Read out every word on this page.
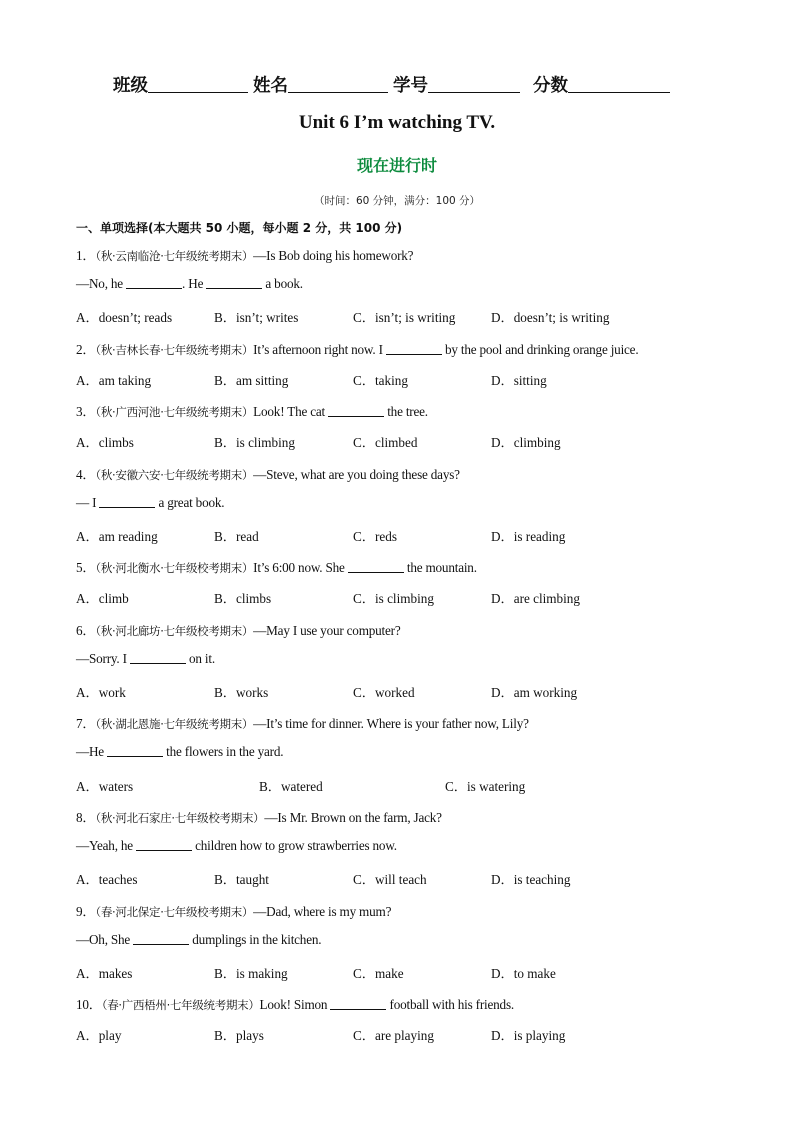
班级	姓名	学号	分数
Unit 6 I’m watching TV.
现在进行时
（时间：60 分钟，满分：100 分）
一、单项选择(本大题共 50 小题，每小题 2 分，共 100 分)
1．（秋·云南临沧·七年级统考期末）—Is Bob doing his homework?
—No, he	. He	a book.
A．doesn’t; reads	B．isn’t; writes	C．isn’t; is writing	D．doesn’t; is writing
2．（秋·吉林长春·七年级统考期末）It’s afternoon right now. I	by the pool and drinking orange juice.
A．am taking	B．am sitting	C．taking	D．sitting
3．（秋·广西河池·七年级统考期末）Look! The cat	the tree.
A．climbs	B．is climbing	C．climbed	D．climbing
4．（秋·安徽六安·七年级统考期末）—Steve, what are you doing these days?
— I	a great book.
A．am reading	B．read	C．reds	D．is reading
5．（秋·河北衡水·七年级校考期末）It’s 6:00 now. She	the mountain.
A．climb	B．climbs	C．is climbing	D．are climbing
6．（秋·河北廊坊·七年级校考期末）—May I use your computer?
—Sorry. I	on it.
A．work	B．works	C．worked	D．am working
7．（秋·湖北恩施·七年级统考期末）—It’s time for dinner. Where is your father now, Lily?
—He	the flowers in the yard.
A．waters	B．watered	C．is watering
8．（秋·河北石家庄·七年级校考期末）—Is Mr. Brown on the farm, Jack?
—Yeah, he	children how to grow strawberries now.
A．teaches	B．taught	C．will teach	D．is teaching
9．（春·河北保定·七年级校考期末）—Dad, where is my mum?
—Oh, She	dumplings in the kitchen.
A．makes	B．is making	C．make	D．to make
10．（春·广西梧州·七年级统考期末）Look! Simon	football with his friends.
A．play	B．plays	C．are playing	D．is playing
